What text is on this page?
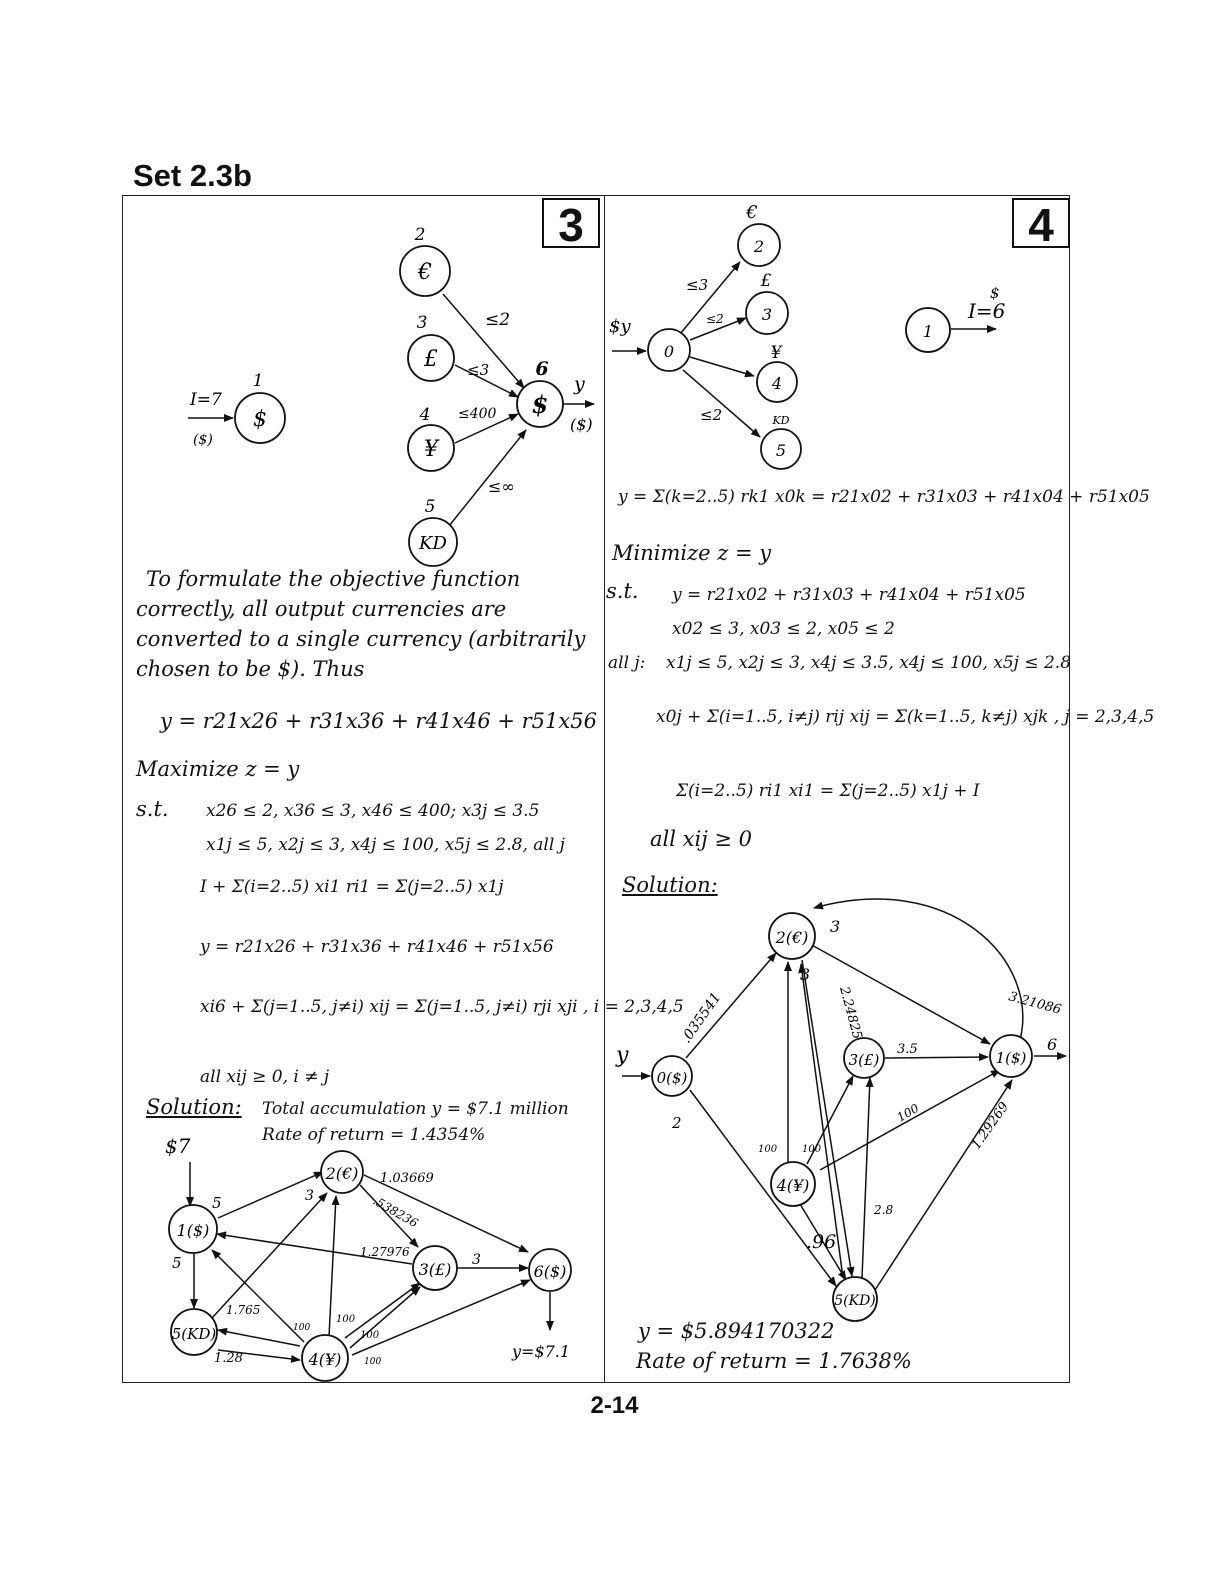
Set 2.3b
3	4
$
1
€
2
£
3
¥
4
KD
5
$
6
I=7
($)
y
($)
≤2
≤3
≤400
≤∞
1($)
2(€)
3(£)	6($)
5(KD)
4(¥)
$7
5
5
1.03669
.538236
1.27976	3
3
1.765
1.28
100
100
100
100
y=$7.1
0
2
€
3
£
4
¥
5
KD
1
$y
I=6
$
≤3
≤2
≤2
0($)
2(€)
3(£)	1($)
4(¥)
5(KD)
y
.035541
2
3
3
2.24825	3.21086
3.5
100	1.29269
100 100
2.8
.96
6
To formulate the objective function
correctly, all output currencies are
converted to a single currency (arbitrarily
chosen to be $). Thus
y = r21x26 + r31x36 + r41x46 + r51x56
Maximize z = y
s.t. x26 ≤ 2, x36 ≤ 3, x46 ≤ 400; x3j ≤ 3.5
x1j ≤ 5, x2j ≤ 3, x4j ≤ 100, x5j ≤ 2.8, all j
I + Σ(i=2..5) xi1 ri1 = Σ(j=2..5) x1j
y = r21x26 + r31x36 + r41x46 + r51x56
xi6 + Σ(j=1..5, j≠i) xij = Σ(j=1..5, j≠i) rji xji , i = 2,3,4,5
all xij ≥ 0, i ≠ j
Solution: Total accumulation y = $7.1 million
Rate of return = 1.4354%
y = Σ(k=2..5) rk1 x0k = r21x02 + r31x03 + r41x04 + r51x05
Minimize z = y
s.t. y = r21x02 + r31x03 + r41x04 + r51x05
x02 ≤ 3, x03 ≤ 2, x05 ≤ 2
all j: x1j ≤ 5, x2j ≤ 3, x4j ≤ 3.5, x4j ≤ 100, x5j ≤ 2.8
x0j + Σ(i=1..5, i≠j) rij xij = Σ(k=1..5, k≠j) xjk , j = 2,3,4,5
Σ(i=2..5) ri1 xi1 = Σ(j=2..5) x1j + I
all xij ≥ 0
Solution:
y = $5.894170322
Rate of return = 1.7638%
2-14
